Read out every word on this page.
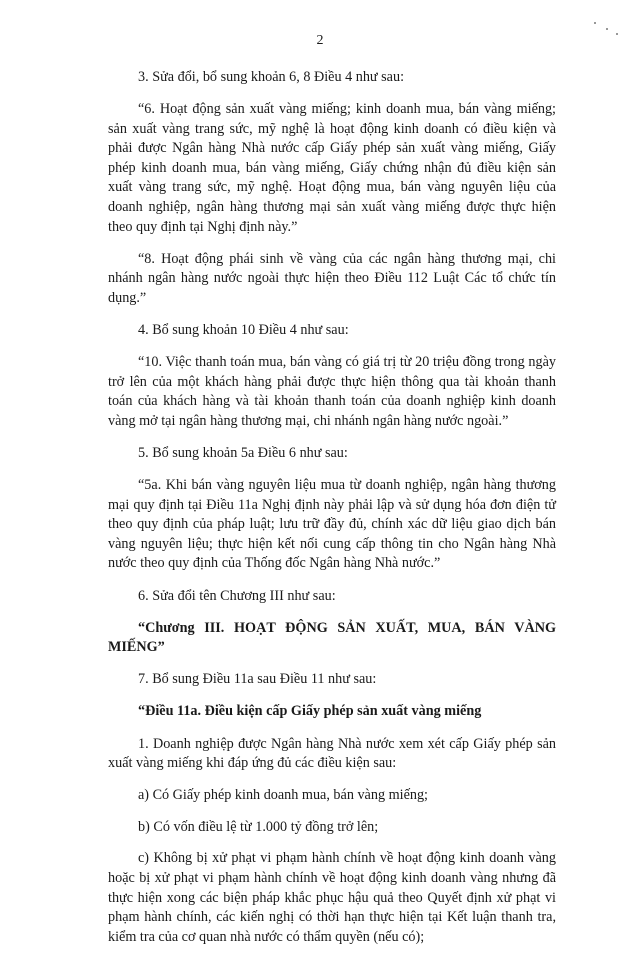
2

3. Sửa đổi, bổ sung khoản 6, 8 Điều 4 như sau:

“6. Hoạt động sản xuất vàng miếng; kinh doanh mua, bán vàng miếng; sản xuất vàng trang sức, mỹ nghệ là hoạt động kinh doanh có điều kiện và phải được Ngân hàng Nhà nước cấp Giấy phép sản xuất vàng miếng, Giấy phép kinh doanh mua, bán vàng miếng, Giấy chứng nhận đủ điều kiện sản xuất vàng trang sức, mỹ nghệ. Hoạt động mua, bán vàng nguyên liệu của doanh nghiệp, ngân hàng thương mại sản xuất vàng miếng được thực hiện theo quy định tại Nghị định này.”

“8. Hoạt động phái sinh về vàng của các ngân hàng thương mại, chi nhánh ngân hàng nước ngoài thực hiện theo Điều 112 Luật Các tổ chức tín dụng.”

4. Bổ sung khoản 10 Điều 4 như sau:

“10. Việc thanh toán mua, bán vàng có giá trị từ 20 triệu đồng trong ngày trở lên của một khách hàng phải được thực hiện thông qua tài khoản thanh toán của khách hàng và tài khoản thanh toán của doanh nghiệp kinh doanh vàng mở tại ngân hàng thương mại, chi nhánh ngân hàng nước ngoài.”

5. Bổ sung khoản 5a Điều 6 như sau:

“5a. Khi bán vàng nguyên liệu mua từ doanh nghiệp, ngân hàng thương mại quy định tại Điều 11a Nghị định này phải lập và sử dụng hóa đơn điện tử theo quy định của pháp luật; lưu trữ đầy đủ, chính xác dữ liệu giao dịch bán vàng nguyên liệu; thực hiện kết nối cung cấp thông tin cho Ngân hàng Nhà nước theo quy định của Thống đốc Ngân hàng Nhà nước.”

6. Sửa đổi tên Chương III như sau:

“Chương III. HOẠT ĐỘNG SẢN XUẤT, MUA, BÁN VÀNG MIẾNG”

7. Bổ sung Điều 11a sau Điều 11 như sau:

“Điều 11a. Điều kiện cấp Giấy phép sản xuất vàng miếng

1. Doanh nghiệp được Ngân hàng Nhà nước xem xét cấp Giấy phép sản xuất vàng miếng khi đáp ứng đủ các điều kiện sau:

a) Có Giấy phép kinh doanh mua, bán vàng miếng;

b) Có vốn điều lệ từ 1.000 tỷ đồng trở lên;

c) Không bị xử phạt vi phạm hành chính về hoạt động kinh doanh vàng hoặc bị xử phạt vi phạm hành chính về hoạt động kinh doanh vàng nhưng đã thực hiện xong các biện pháp khắc phục hậu quả theo Quyết định xử phạt vi phạm hành chính, các kiến nghị có thời hạn thực hiện tại Kết luận thanh tra, kiểm tra của cơ quan nhà nước có thẩm quyền (nếu có);
